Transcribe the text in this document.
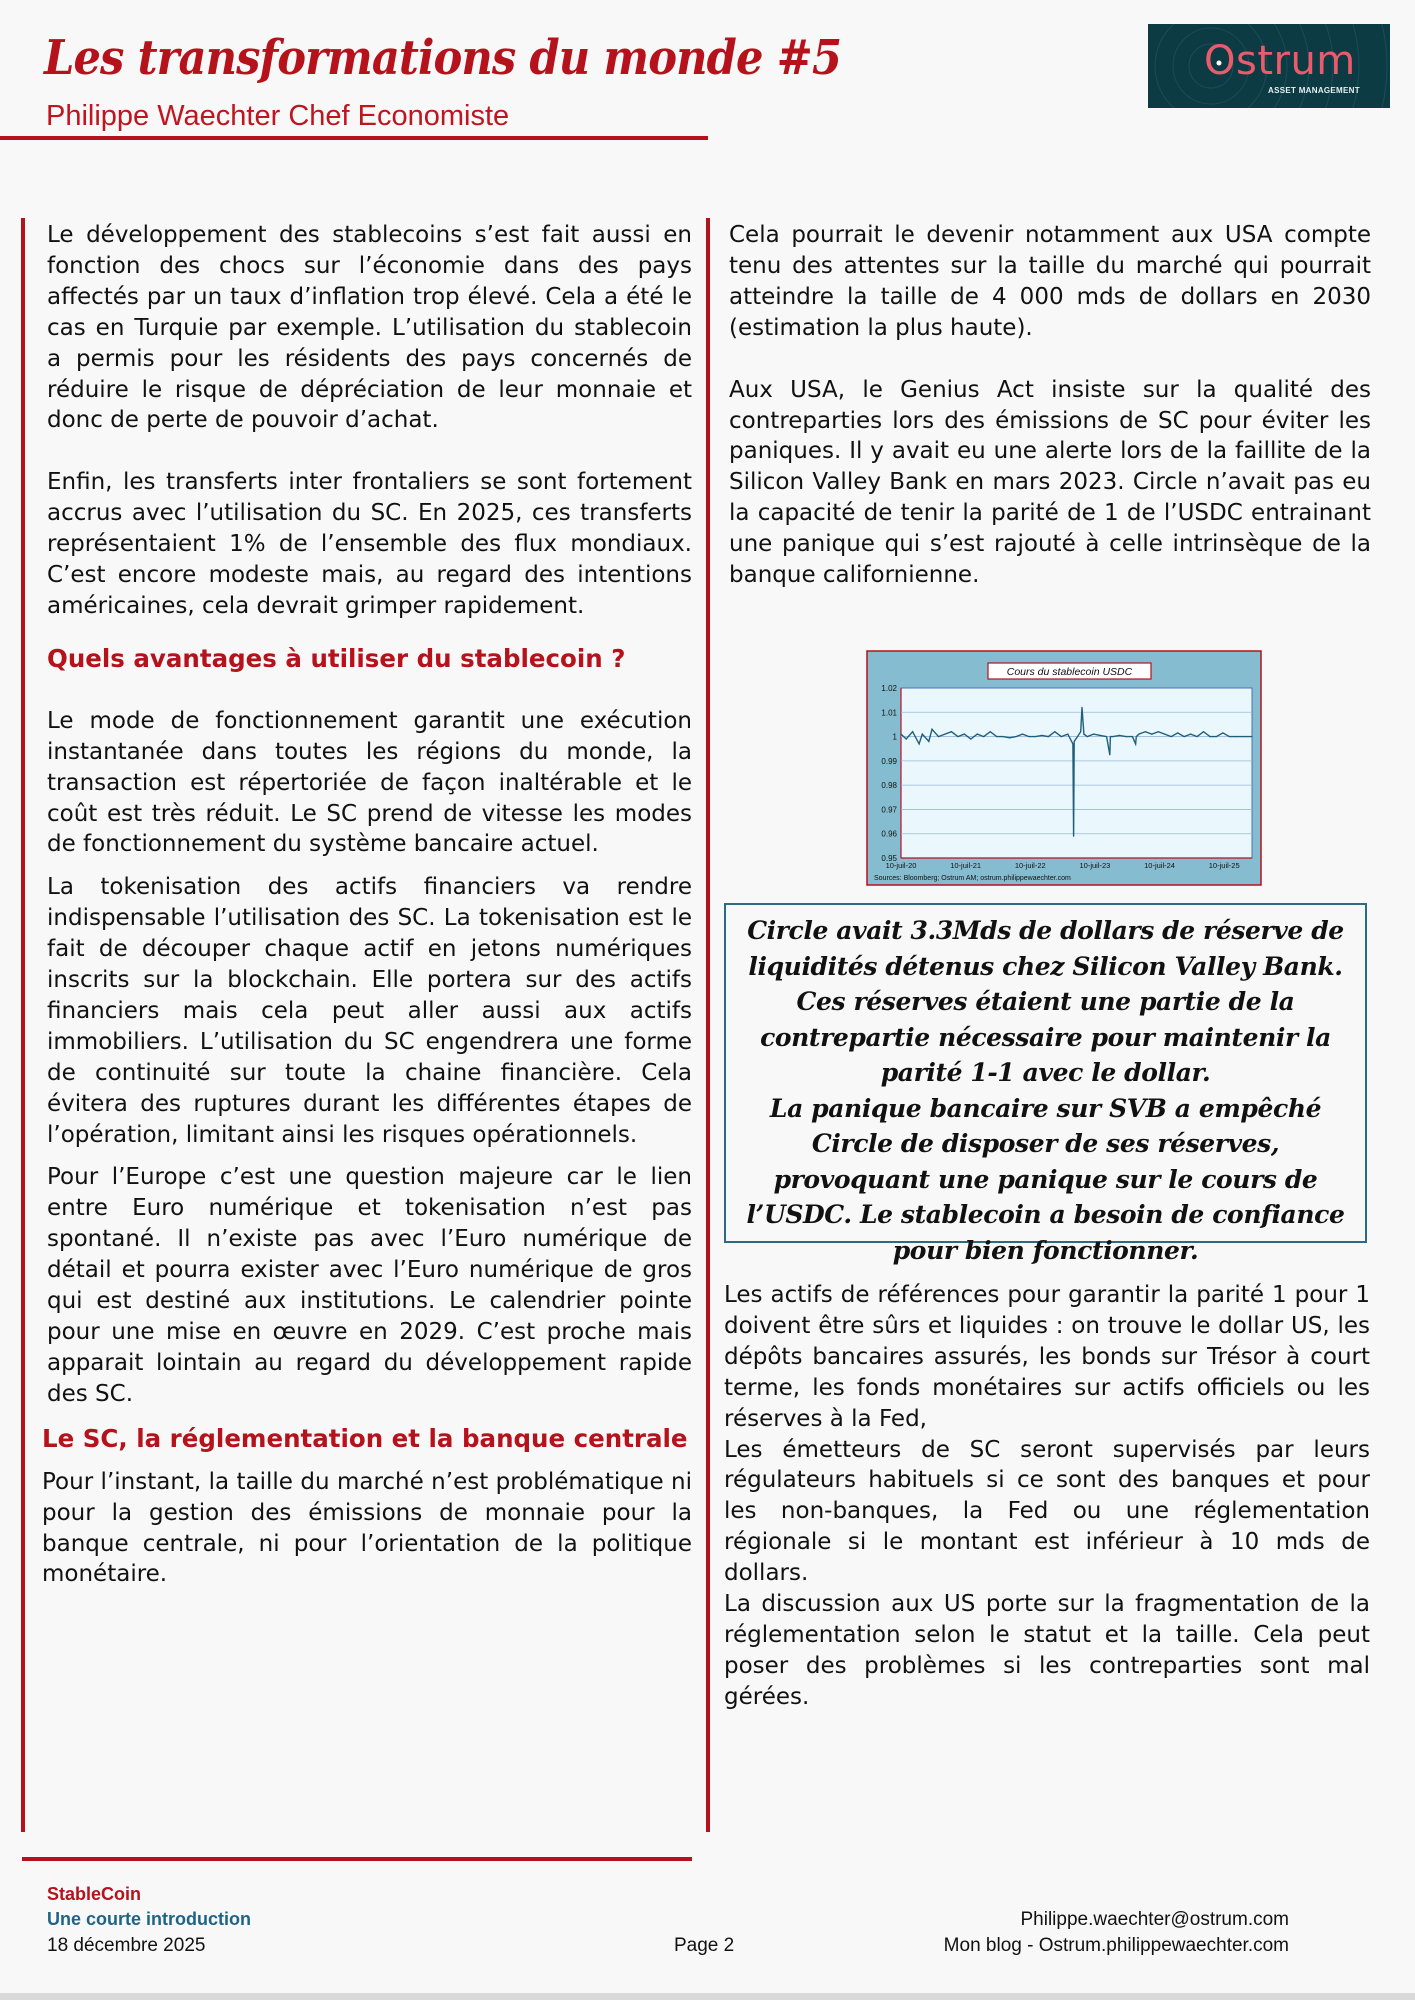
Les transformations du monde #5
Philippe Waechter Chef Economiste
Ostrum
ASSET MANAGEMENT

Le développement des stablecoins s’est fait aussi en fonction des chocs sur l’économie dans des pays affectés par un taux d’inflation trop élevé. Cela a été le cas en Turquie par exemple. L’utilisation du stablecoin a permis pour les résidents des pays concernés de réduire le risque de dépréciation de leur monnaie et donc de perte de pouvoir d’achat.

Enfin, les transferts inter frontaliers se sont fortement accrus avec l’utilisation du SC. En 2025, ces transferts représentaient 1% de l’ensemble des flux mondiaux. C’est encore modeste mais, au regard des intentions américaines, cela devrait grimper rapidement.

Quels avantages à utiliser du stablecoin ?

Le mode de fonctionnement garantit une exécution instantanée dans toutes les régions du monde, la transaction est répertoriée de façon inaltérable et le coût est très réduit. Le SC prend de vitesse les modes de fonctionnement du système bancaire actuel.

La tokenisation des actifs financiers va rendre indispensable l’utilisation des SC. La tokenisation est le fait de découper chaque actif en jetons numériques inscrits sur la blockchain. Elle portera sur des actifs financiers mais cela peut aller aussi aux actifs immobiliers. L’utilisation du SC engendrera une forme de continuité sur toute la chaine financière. Cela évitera des ruptures durant les différentes étapes de l’opération, limitant ainsi les risques opérationnels.

Pour l’Europe c’est une question majeure car le lien entre Euro numérique et tokenisation n’est pas spontané. Il n’existe pas avec l’Euro numérique de détail et pourra exister avec l’Euro numérique de gros qui est destiné aux institutions. Le calendrier pointe pour une mise en œuvre en 2029. C’est proche mais apparait lointain au regard du développement rapide des SC.

Le SC, la réglementation et la banque centrale

Pour l’instant, la taille du marché n’est problématique ni pour la gestion des émissions de monnaie pour la banque centrale, ni pour l’orientation de la politique monétaire.

Cela pourrait le devenir notamment aux USA compte tenu des attentes sur la taille du marché qui pourrait atteindre la taille de 4 000 mds de dollars en 2030 (estimation la plus haute).

Aux USA, le Genius Act insiste sur la qualité des contreparties lors des émissions de SC pour éviter les paniques. Il y avait eu une alerte lors de la faillite de la Silicon Valley Bank en mars 2023. Circle n’avait pas eu la capacité de tenir la parité de 1 de l’USDC entrainant une panique qui s’est rajouté à celle intrinsèque de la banque californienne.

1.02
1.01
1
0.99
0.98
0.97
0.96
0.95
10-juil-20	10-juil-21	10-juil-22	10-juil-23	10-juil-24	10-juil-25
Cours du stablecoin USDC
Sources: Bloomberg; Ostrum AM; ostrum.philippewaechter.com

Circle avait 3.3Mds de dollars de réserve de liquidités détenus chez Silicon Valley Bank. Ces réserves étaient une partie de la contrepartie nécessaire pour maintenir la parité 1-1 avec le dollar.

La panique bancaire sur SVB a empêché Circle de disposer de ses réserves, provoquant une panique sur le cours de l’USDC. Le stablecoin a besoin de confiance pour bien fonctionner.

Les actifs de références pour garantir la parité 1 pour 1 doivent être sûrs et liquides : on trouve le dollar US, les dépôts bancaires assurés, les bonds sur Trésor à court terme, les fonds monétaires sur actifs officiels ou les réserves à la Fed,

Les émetteurs de SC seront supervisés par leurs régulateurs habituels si ce sont des banques et pour les non-banques, la Fed ou une réglementation régionale si le montant est inférieur à 10 mds de dollars.

La discussion aux US porte sur la fragmentation de la réglementation selon le statut et la taille. Cela peut poser des problèmes si les contreparties sont mal gérées.

StableCoin
Une courte introduction
18 décembre 2025	Page 2
Philippe.waechter@ostrum.com
Mon blog - Ostrum.philippewaechter.com
